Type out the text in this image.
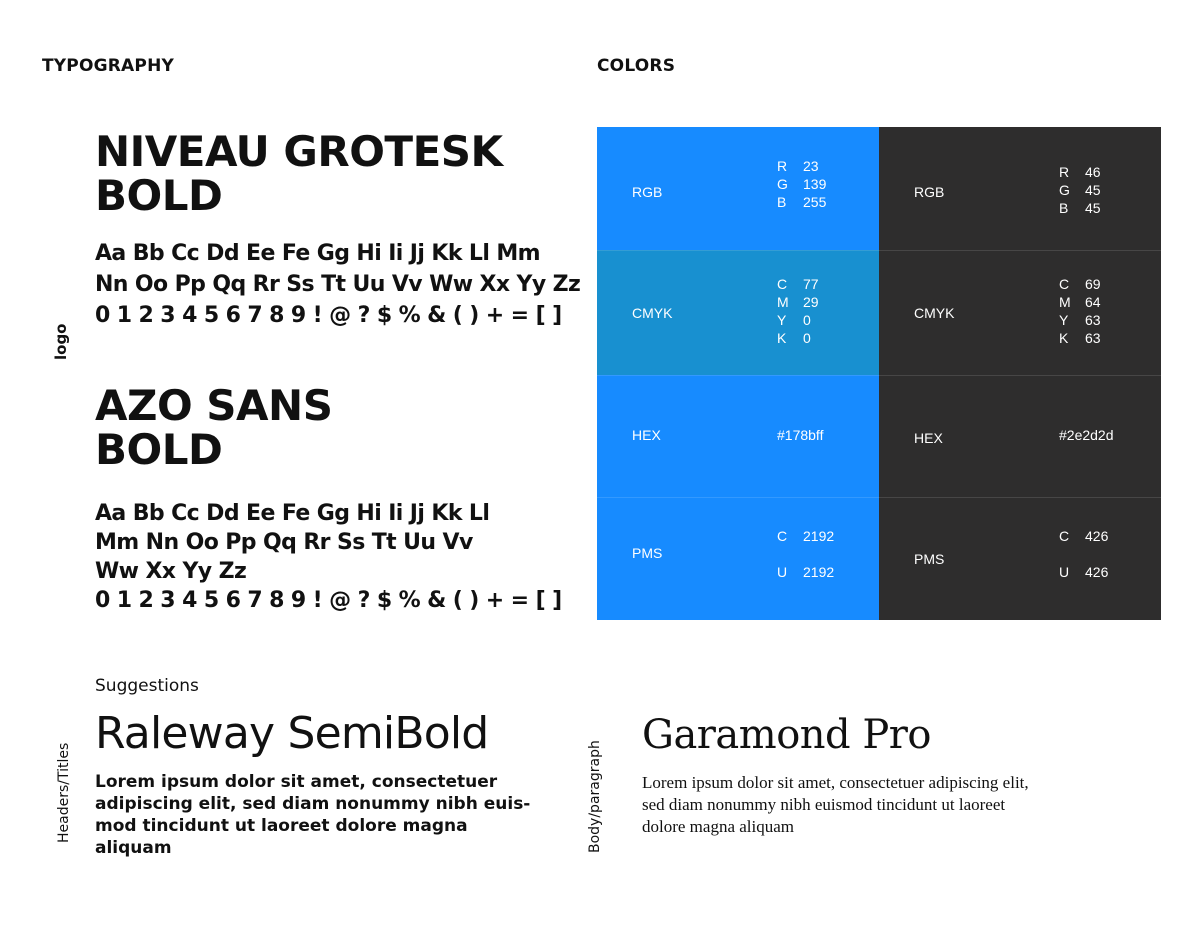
TYPOGRAPHY	COLORS
logo
NIVEAU GROTESK
BOLD
Aa Bb Cc Dd Ee Fe Gg Hi Ii Jj Kk Ll Mm
Nn Oo Pp Qq Rr Ss Tt Uu Vv Ww Xx Yy Zz
0 1 2 3 4 5 6 7 8 9 ! @ ? $ % & ( ) + = [ ]
AZO SANS
BOLD
Aa Bb Cc Dd Ee Fe Gg Hi Ii Jj Kk Ll
Mm Nn Oo Pp Qq Rr Ss Tt Uu Vv
Ww Xx Yy Zz
0 1 2 3 4 5 6 7 8 9 ! @ ? $ % & ( ) + = [ ]
RGB
R	23
G	139
B	255
CMYK
C	77
M	29
Y	0
K	0
HEX	#178bff
PMS
C	2192
U	2192
RGB
R	46
G	45
B	45
CMYK
C	69
M	64
Y	63
K	63
HEX	#2e2d2d
PMS
C	426
U	426
Suggestions
Headers/Titles
Raleway SemiBold
Lorem ipsum dolor sit amet, consectetuer
adipiscing elit, sed diam nonummy nibh euis-
mod tincidunt ut laoreet dolore magna
aliquam	Body/paragraph
Garamond Pro
Lorem ipsum dolor sit amet, consectetuer adipiscing elit,
sed diam nonummy nibh euismod tincidunt ut laoreet
dolore magna aliquam
